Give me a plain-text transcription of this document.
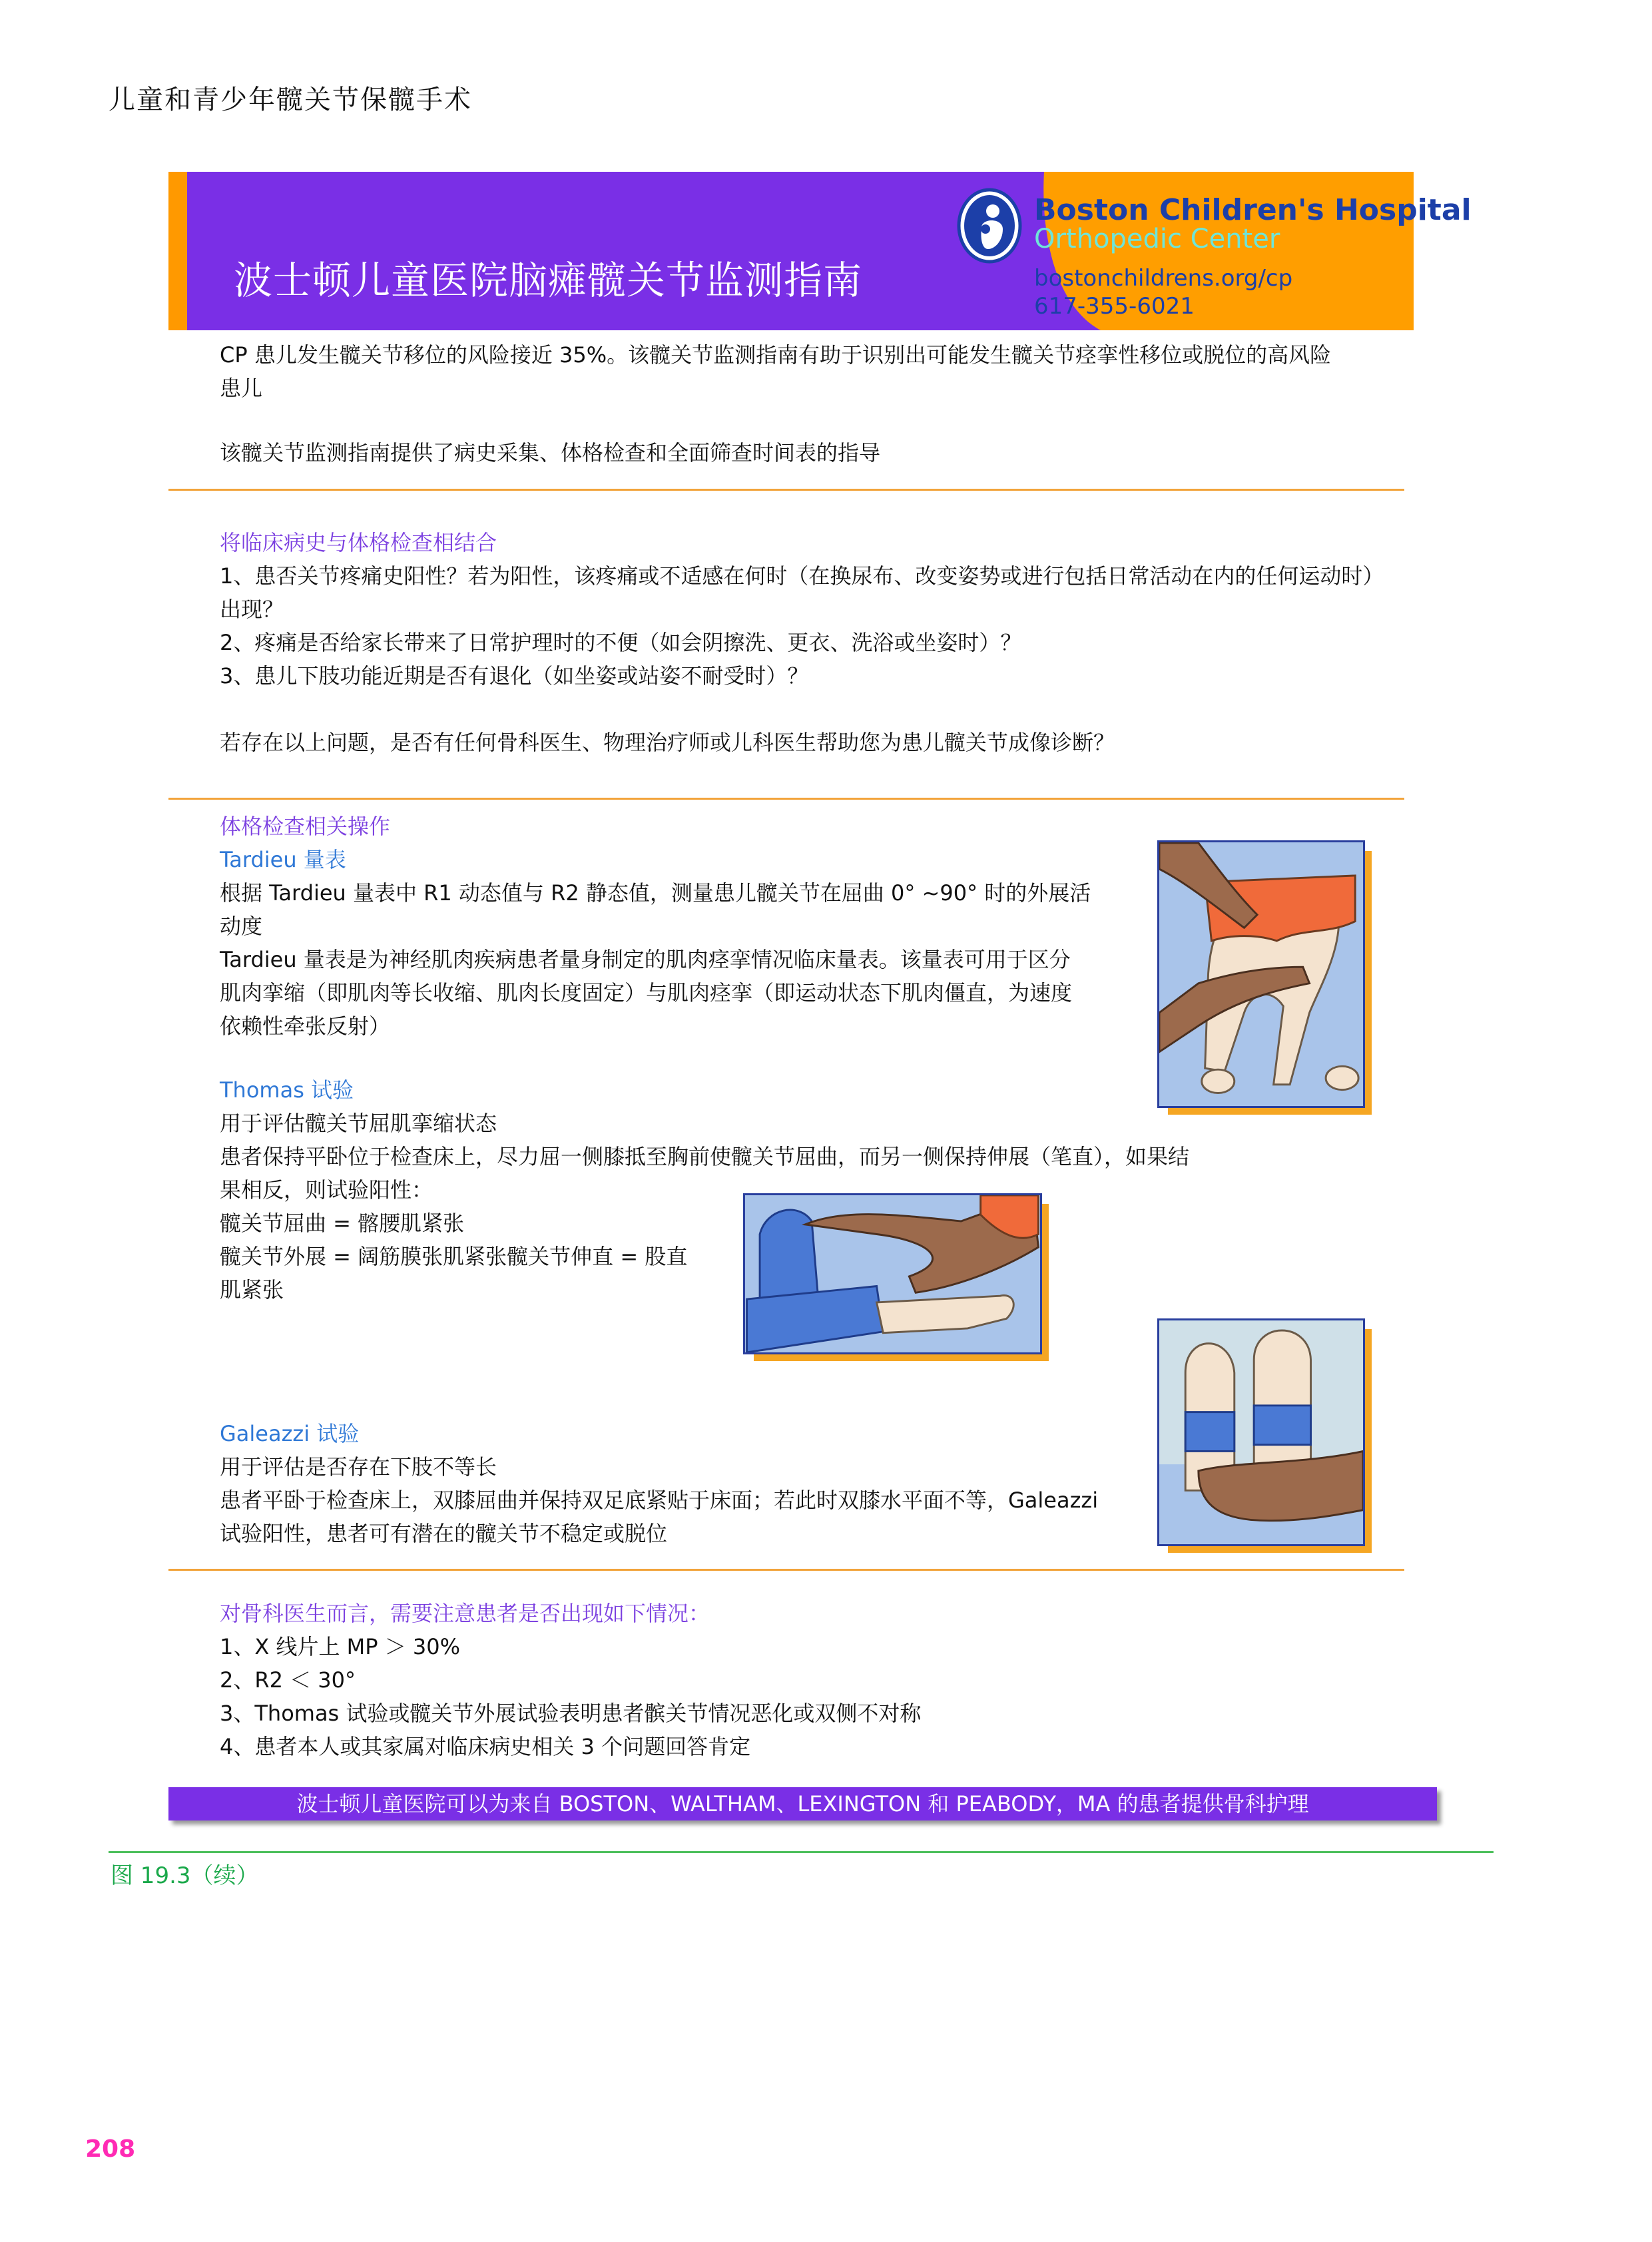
儿童和青少年髋关节保髋手术
波士顿儿童医院脑瘫髋关节监测指南
Boston Children's Hospital
Orthopedic Center
bostonchildrens.org/cp
617-355-6021
CP 患儿发生髋关节移位的风险接近 35%。该髋关节监测指南有助于识别出可能发生髋关节痉挛性移位或脱位的高风险
患儿
该髋关节监测指南提供了病史采集、体格检查和全面筛查时间表的指导
将临床病史与体格检查相结合
1、患否关节疼痛史阳性？若为阳性，该疼痛或不适感在何时（在换尿布、改变姿势或进行包括日常活动在内的任何运动时）
出现？
2、疼痛是否给家长带来了日常护理时的不便（如会阴擦洗、更衣、洗浴或坐姿时）？
3、患儿下肢功能近期是否有退化（如坐姿或站姿不耐受时）？
若存在以上问题，是否有任何骨科医生、物理治疗师或儿科医生帮助您为患儿髋关节成像诊断？
体格检查相关操作
Tardieu 量表
根据 Tardieu 量表中 R1 动态值与 R2 静态值，测量患儿髋关节在屈曲 0° ~90° 时的外展活
动度
Tardieu 量表是为神经肌肉疾病患者量身制定的肌肉痉挛情况临床量表。该量表可用于区分
肌肉挛缩（即肌肉等长收缩、肌肉长度固定）与肌肉痉挛（即运动状态下肌肉僵直，为速度
依赖性牵张反射）
Thomas 试验
用于评估髋关节屈肌挛缩状态
患者保持平卧位于检查床上，尽力屈一侧膝抵至胸前使髋关节屈曲，而另一侧保持伸展（笔直），如果结
果相反，则试验阳性：
髋关节屈曲 = 髂腰肌紧张
髋关节外展 = 阔筋膜张肌紧张髋关节伸直 = 股直
肌紧张
Galeazzi 试验
用于评估是否存在下肢不等长
患者平卧于检查床上，双膝屈曲并保持双足底紧贴于床面；若此时双膝水平面不等，Galeazzi
试验阳性，患者可有潜在的髋关节不稳定或脱位
对骨科医生而言，需要注意患者是否出现如下情况：
1、X 线片上 MP ＞ 30%
2、R2 ＜ 30°
3、Thomas 试验或髋关节外展试验表明患者髌关节情况恶化或双侧不对称
4、患者本人或其家属对临床病史相关 3 个问题回答肯定
波士顿儿童医院可以为来自 BOSTON、WALTHAM、LEXINGTON 和 PEABODY，MA 的患者提供骨科护理
图 19.3（续）
208
